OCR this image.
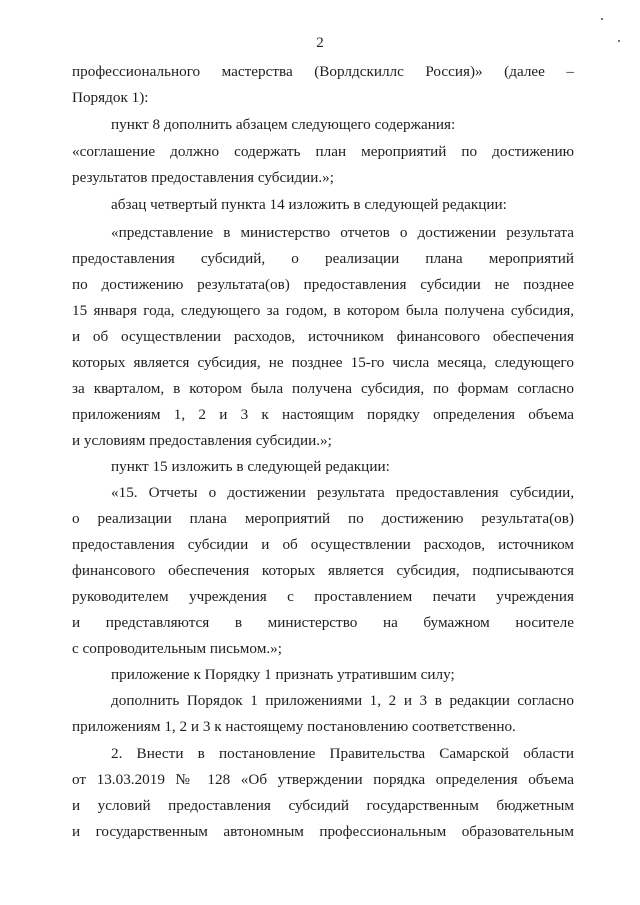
2
профессионального мастерства (Ворлдскиллс Россия)» (далее –
Порядок 1):
пункт 8 дополнить абзацем следующего содержания:
«соглашение должно содержать план мероприятий по достижению
результатов предоставления субсидии.»;
абзац четвертый пункта 14 изложить в следующей редакции:
«представление в министерство отчетов о достижении результата
предоставления субсидий, о реализации плана мероприятий
по достижению результата(ов) предоставления субсидии не позднее
15 января года, следующего за годом, в котором была получена субсидия,
и об осуществлении расходов, источником финансового обеспечения
которых является субсидия, не позднее 15-го числа месяца, следующего
за кварталом, в котором была получена субсидия, по формам согласно
приложениям 1, 2 и 3 к настоящим порядку определения объема
и условиям предоставления субсидии.»;
пункт 15 изложить в следующей редакции:
«15. Отчеты о достижении результата предоставления субсидии,
о реализации плана мероприятий по достижению результата(ов)
предоставления субсидии и об осуществлении расходов, источником
финансового обеспечения которых является субсидия, подписываются
руководителем учреждения с проставлением печати учреждения
и представляются в министерство на бумажном носителе
с сопроводительным письмом.»;
приложение к Порядку 1 признать утратившим силу;
дополнить Порядок 1 приложениями 1, 2 и 3 в редакции согласно
приложениям 1, 2 и 3 к настоящему постановлению соответственно.
2. Внести в постановление Правительства Самарской области
от 13.03.2019 № 128 «Об утверждении порядка определения объема
и условий предоставления субсидий государственным бюджетным
и государственным автономным профессиональным образовательным
